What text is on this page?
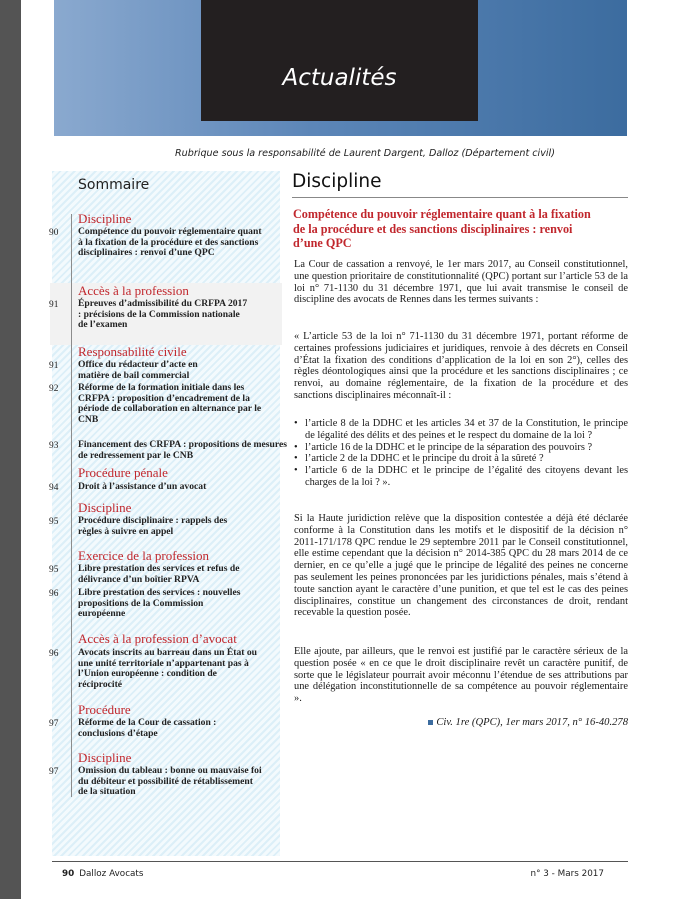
Actualités
Rubrique sous la responsabilité de Laurent Dargent, Dalloz (Département civil)
Sommaire
Discipline
90	Compétence du pouvoir réglementaire quant à la fixation de la procédure et des sanctions disciplinaires : renvoi d’une QPC
Accès à la profession
91	Épreuves d’admissibilité du CRFPA 2017 : précisions de la Commission nationale de l’examen
Responsabilité civile
91	Office du rédacteur d’acte en matière de bail commercial
92	Réforme de la formation initiale dans les CRFPA : proposition d’encadrement de la période de collaboration en alternance par le CNB
93	Financement des CRFPA : propositions de mesures de redressement par le CNB
Procédure pénale
94	Droit à l’assistance d’un avocat
Discipline
95	Procédure disciplinaire : rappels des règles à suivre en appel
Exercice de la profession
95	Libre prestation des services et refus de délivrance d’un boîtier RPVA
96	Libre prestation des services : nouvelles propositions de la Commission européenne
Accès à la profession d’avocat
96	Avocats inscrits au barreau dans un État ou une unité territoriale n’appartenant pas à l’Union européenne : condition de réciprocité
Procédure
97	Réforme de la Cour de cassation : conclusions d’étape
Discipline
97	Omission du tableau : bonne ou mauvaise foi du débiteur et possibilité de rétablissement de la situation
Discipline
Compétence du pouvoir réglementaire quant à la fixation de la procédure et des sanctions disciplinaires : renvoi d’une QPC
La Cour de cassation a renvoyé, le 1er mars 2017, au Conseil constitutionnel, une question prioritaire de constitutionnalité (QPC) portant sur l’article 53 de la loi n° 71-1130 du 31 décembre 1971, que lui avait transmise le conseil de discipline des avocats de Rennes dans les termes suivants :
« L’article 53 de la loi n° 71-1130 du 31 décembre 1971, portant réforme de certaines professions judiciaires et juridiques, renvoie à des décrets en Conseil d’État la fixation des conditions d’application de la loi en son 2°), celles des règles déontologiques ainsi que la procédure et les sanctions disciplinaires ; ce renvoi, au domaine réglementaire, de la fixation de la procédure et des sanctions disciplinaires méconnaît-il :
• l’article 8 de la DDHC et les articles 34 et 37 de la Constitution, le principe de légalité des délits et des peines et le respect du domaine de la loi ?
• l’article 16 de la DDHC et le principe de la séparation des pouvoirs ?
• l’article 2 de la DDHC et le principe du droit à la sûreté ?
• l’article 6 de la DDHC et le principe de l’égalité des citoyens devant les charges de la loi ? ».
Si la Haute juridiction relève que la disposition contestée a déjà été déclarée conforme à la Constitution dans les motifs et le dispositif de la décision n° 2011-171/178 QPC rendue le 29 septembre 2011 par le Conseil constitutionnel, elle estime cependant que la décision n° 2014-385 QPC du 28 mars 2014 de ce dernier, en ce qu’elle a jugé que le principe de légalité des peines ne concerne pas seulement les peines prononcées par les juridictions pénales, mais s’étend à toute sanction ayant le caractère d’une punition, et que tel est le cas des peines disciplinaires, constitue un changement des circonstances de droit, rendant recevable la question posée.
Elle ajoute, par ailleurs, que le renvoi est justifié par le caractère sérieux de la question posée « en ce que le droit disciplinaire revêt un caractère punitif, de sorte que le législateur pourrait avoir méconnu l’étendue de ses attributions par une délégation inconstitutionnelle de sa compétence au pouvoir réglementaire ».
Civ. 1re (QPC), 1er mars 2017, n° 16-40.278
90 Dalloz Avocats	n° 3 - Mars 2017
